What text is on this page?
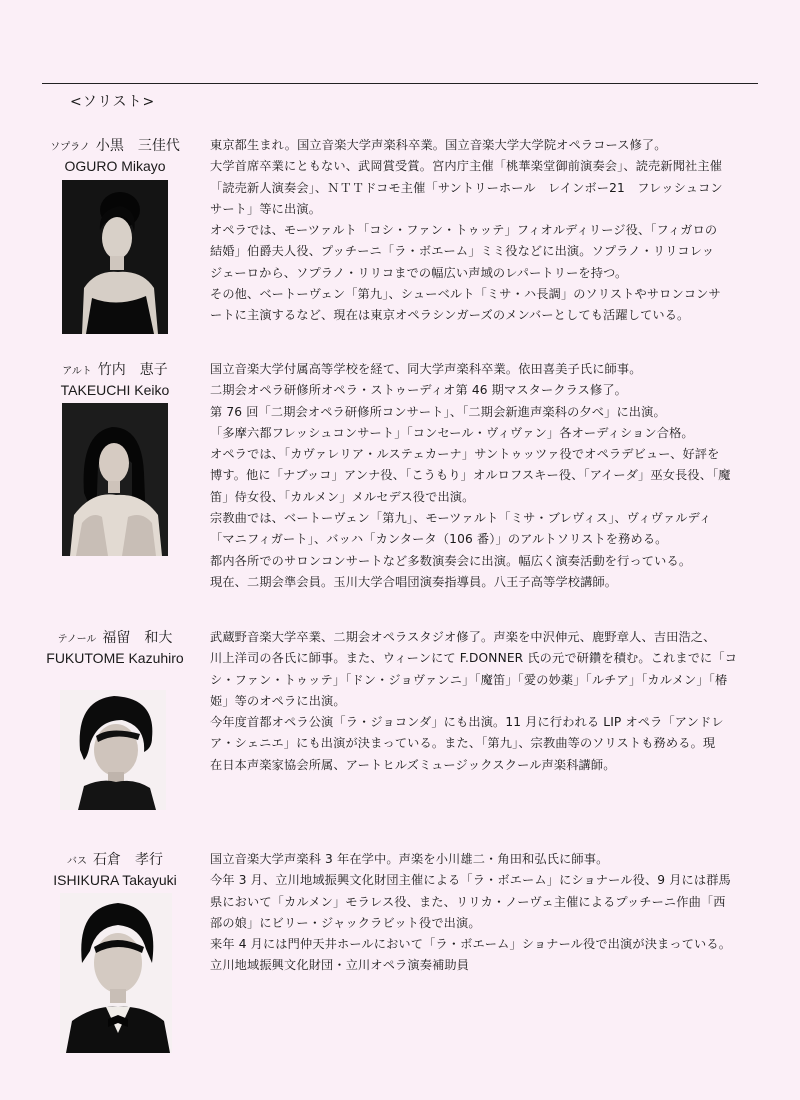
<ソリスト>
ソプラノ 小黒 三佳代
OGURO Mikayo

東京都生まれ。国立音楽大学声楽科卒業。国立音楽大学大学院オペラコース修了。

大学首席卒業にともない、武岡賞受賞。宮内庁主催「桃華楽堂御前演奏会」、読売新聞社主催

「読売新人演奏会」、ＮＴＴドコモ主催「サントリーホール　レインボー21　フレッシュコン

サート」等に出演。

オペラでは、モーツァルト「コシ・ファン・トゥッテ」フィオルディリージ役、「フィガロの

結婚」伯爵夫人役、プッチーニ「ラ・ボエーム」ミミ役などに出演。ソプラノ・リリコレッ

ジェーロから、ソプラノ・リリコまでの幅広い声域のレパートリーを持つ。

その他、ベートーヴェン「第九」、シューベルト「ミサ・ハ長調」のソリストやサロンコンサ

ートに主演するなど、現在は東京オペラシンガーズのメンバーとしても活躍している。

アルト 竹内 恵子
TAKEUCHI Keiko

国立音楽大学付属高等学校を経て、同大学声楽科卒業。依田喜美子氏に師事。

二期会オペラ研修所オペラ・ストゥーディオ第 46 期マスタークラス修了。

第 76 回「二期会オペラ研修所コンサート」、「二期会新進声楽科の夕べ」に出演。

「多摩六都フレッシュコンサート」「コンセール・ヴィヴァン」各オーディション合格。

オペラでは、「カヴァレリア・ルステェカーナ」サントゥッツァ役でオペラデビュー、好評を

博す。他に「ナブッコ」アンナ役、「こうもり」オルロフスキー役、「アイーダ」巫女長役、「魔

笛」侍女役、「カルメン」メルセデス役で出演。

宗教曲では、ベートーヴェン「第九」、モーツァルト「ミサ・ブレヴィス」、ヴィヴァルディ

「マニフィガート」、バッハ「カンタータ（106 番）」のアルトソリストを務める。

都内各所でのサロンコンサートなど多数演奏会に出演。幅広く演奏活動を行っている。

現在、二期会準会員。玉川大学合唱団演奏指導員。八王子高等学校講師。

テノール 福留 和大
FUKUTOME Kazuhiro

武蔵野音楽大学卒業、二期会オペラスタジオ修了。声楽を中沢伸元、鹿野章人、吉田浩之、

川上洋司の各氏に師事。また、ウィーンにて F.DONNER 氏の元で研鑽を積む。これまでに「コ

シ・ファン・トゥッテ」「ドン・ジョヴァンニ」「魔笛」「愛の妙薬」「ルチア」「カルメン」「椿

姫」等のオペラに出演。

今年度首都オペラ公演「ラ・ジョコンダ」にも出演。11 月に行われる LIP オペラ「アンドレ

ア・シェニエ」にも出演が決まっている。また、「第九」、宗教曲等のソリストも務める。現

在日本声楽家協会所属、アートヒルズミュージックスクール声楽科講師。

バス 石倉 孝行
ISHIKURA Takayuki

国立音楽大学声楽科 3 年在学中。声楽を小川雄二・角田和弘氏に師事。

今年 3 月、立川地域振興文化財団主催による「ラ・ボエーム」にショナール役、9 月には群馬

県において「カルメン」モラレス役、また、リリカ・ノーヴェ主催によるプッチーニ作曲「西

部の娘」にビリー・ジャックラビット役で出演。

来年 4 月には門仲天井ホールにおいて「ラ・ボエーム」ショナール役で出演が決まっている。

立川地域振興文化財団・立川オペラ演奏補助員
